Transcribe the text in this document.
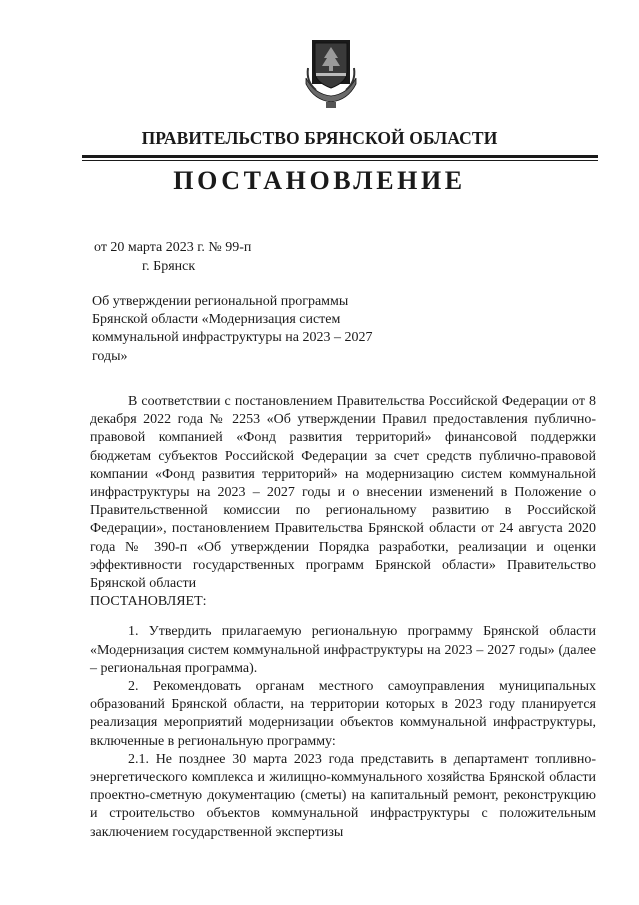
ПРАВИТЕЛЬСТВО БРЯНСКОЙ ОБЛАСТИ
ПОСТАНОВЛЕНИЕ
от 20 марта 2023 г. № 99-п
г. Брянск
Об утверждении региональной программы Брянской области «Модернизация систем коммунальной инфраструктуры на 2023 – 2027 годы»

В соответствии с постановлением Правительства Российской Федерации от 8 декабря 2022 года № 2253 «Об утверждении Правил предоставления публично-правовой компанией «Фонд развития территорий» финансовой поддержки бюджетам субъектов Российской Федерации за счет средств публично-правовой компании «Фонд развития территорий» на модернизацию систем коммунальной инфраструктуры на 2023 – 2027 годы и о внесении изменений в Положение о Правительственной комиссии по региональному развитию в Российской Федерации», постановлением Правительства Брянской области от 24 августа 2020 года № 390-п «Об утверждении Порядка разработки, реализации и оценки эффективности государственных программ Брянской области» Правительство Брянской области

ПОСТАНОВЛЯЕТ:

1. Утвердить прилагаемую региональную программу Брянской области «Модернизация систем коммунальной инфраструктуры на 2023 – 2027 годы» (далее – региональная программа).

2. Рекомендовать органам местного самоуправления муниципальных образований Брянской области, на территории которых в 2023 году планируется реализация мероприятий модернизации объектов коммунальной инфраструктуры, включенные в региональную программу:

2.1. Не позднее 30 марта 2023 года представить в департамент топливно-энергетического комплекса и жилищно-коммунального хозяйства Брянской области проектно-сметную документацию (сметы) на капитальный ремонт, реконструкцию и строительство объектов коммунальной инфраструктуры с положительным заключением государственной экспертизы
